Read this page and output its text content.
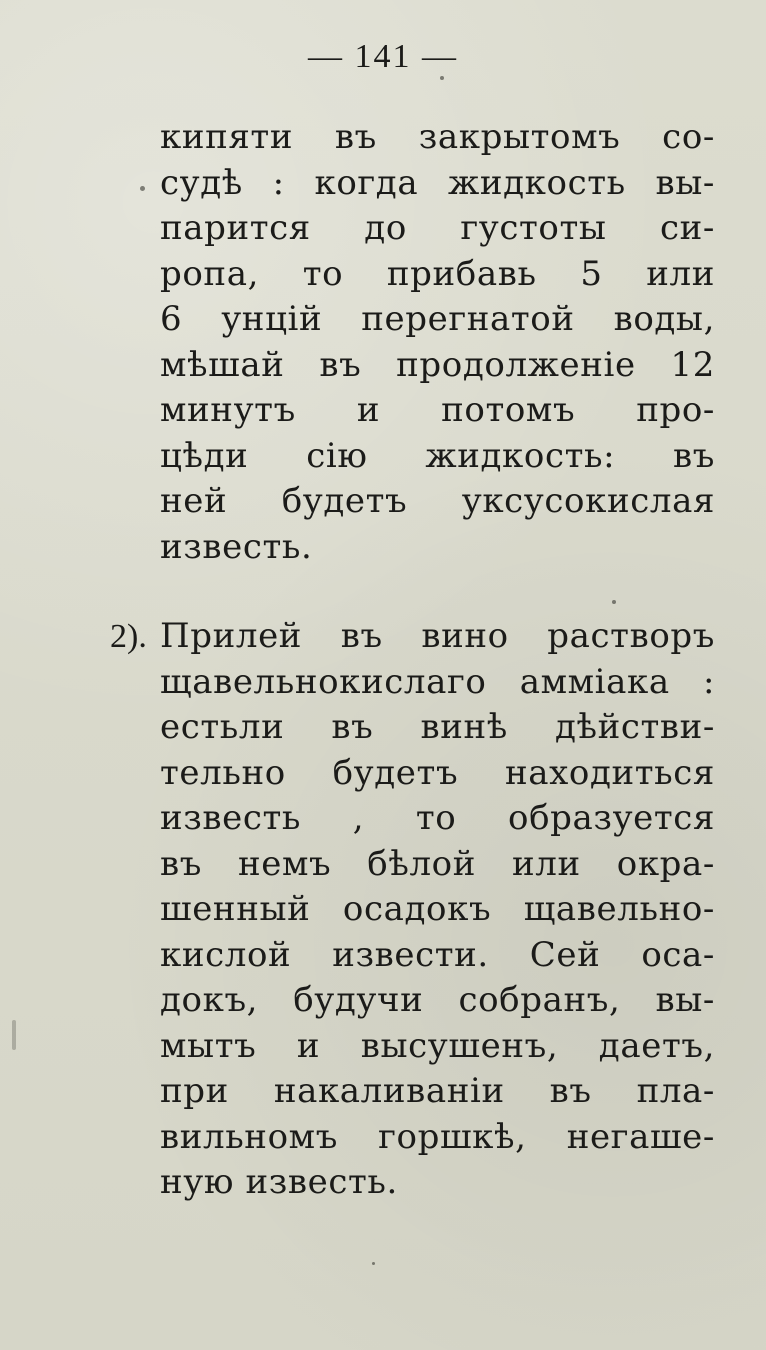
— 141 —
кипяти въ закрытомъ со-
судѣ : когда жидкость вы-
парится до густоты си-
ропа, то прибавь 5 или
6 унцій перегнатой воды,
мѣшай въ продолженіе 12
минутъ и потомъ про-
цѣди сію жидкость: въ
ней будетъ уксусокислая
известь.
2). Прилей въ вино растворъ
щавельнокислаго амміака :
естьли въ винѣ дѣйстви-
тельно будетъ находиться
известь , то образуется
въ немъ бѣлой или окра-
шенный осадокъ щавельно-
кислой извести. Сей оса-
докъ, будучи собранъ, вы-
мытъ и высушенъ, даетъ,
при накаливаніи въ пла-
вильномъ горшкѣ, негаше-
ную известь.
